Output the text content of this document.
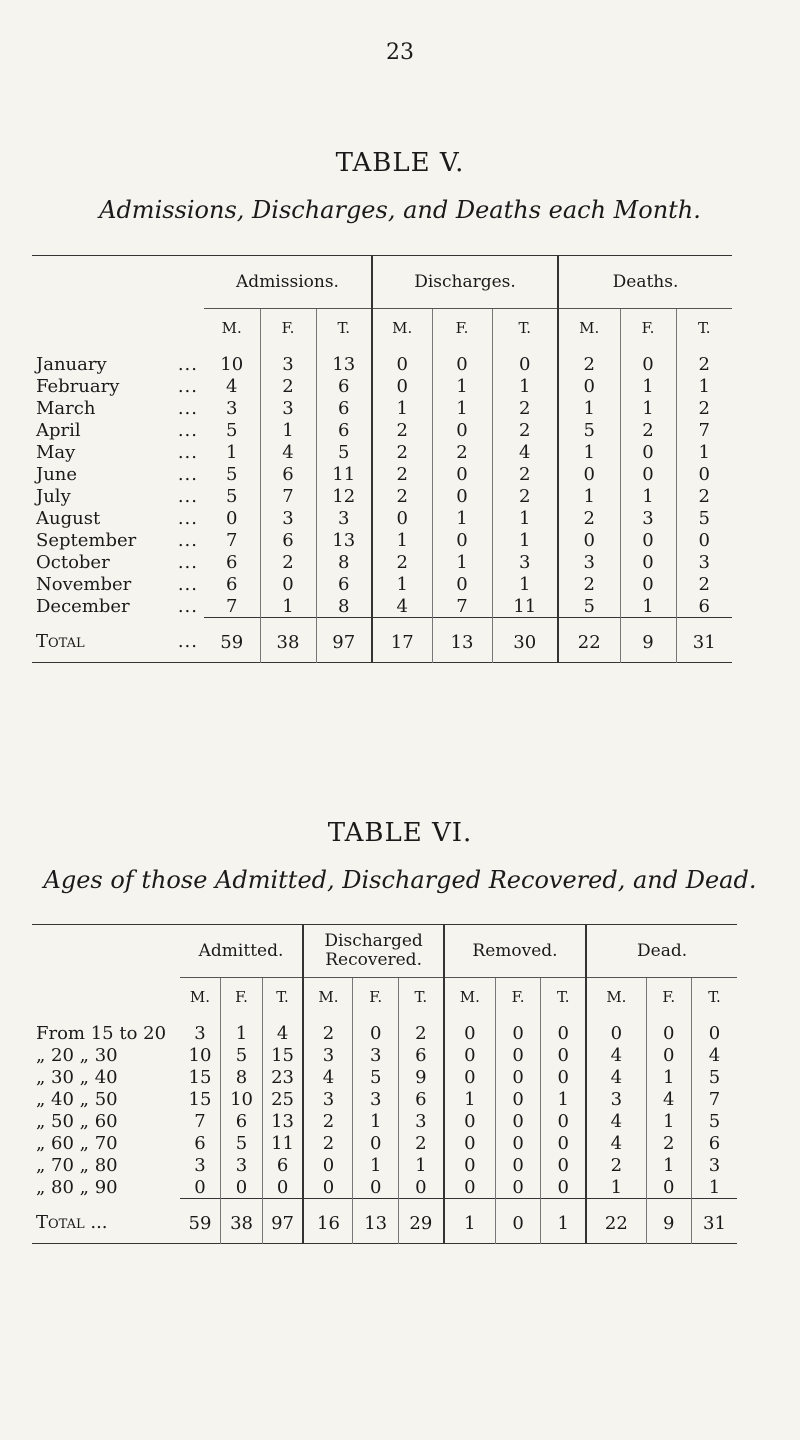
23
TABLE V.
Admissions, Discharges, and Deaths each Month.
TABLE VI.
Ages of those Admitted, Discharged Recovered, and Dead.
	Admissions.			Discharges.			Deaths.		
	M.	F.	T.	M.	F.	T.	M.	F.	T.
January ...	10	3	13	0	0	0	2	0	2
February ...	4	2	6	0	1	1	0	1	1
March ...	3	3	6	1	1	2	1	1	2
April ...	5	1	6	2	0	2	5	2	7
May ...	1	4	5	2	2	4	1	0	1
June ...	5	6	11	2	0	2	0	0	0
July ...	5	7	12	2	0	2	1	1	2
August ...	0	3	3	0	1	1	2	3	5
September ...	7	6	13	1	0	1	0	0	0
October ...	6	2	8	2	1	3	3	0	3
November ...	6	0	6	1	0	1	2	0	2
December ...	7	1	8	4	7	11	5	1	6
Total ...	59	38	97	17	13	30	22	9	31
	Admitted.			Discharged Recovered.			Removed.			Dead.		
	M.	F.	T.	M.	F.	T.	M.	F.	T.	M.	F.	T.
From 15 to 20	3	1	4	2	0	2	0	0	0	0	0	0
„ 20 „ 30	10	5	15	3	3	6	0	0	0	4	0	4
„ 30 „ 40	15	8	23	4	5	9	0	0	0	4	1	5
„ 40 „ 50	15	10	25	3	3	6	1	0	1	3	4	7
„ 50 „ 60	7	6	13	2	1	3	0	0	0	4	1	5
„ 60 „ 70	6	5	11	2	0	2	0	0	0	4	2	6
„ 70 „ 80	3	3	6	0	1	1	0	0	0	2	1	3
„ 80 „ 90	0	0	0	0	0	0	0	0	0	1	0	1
Total ...	59	38	97	16	13	29	1	0	1	22	9	31
